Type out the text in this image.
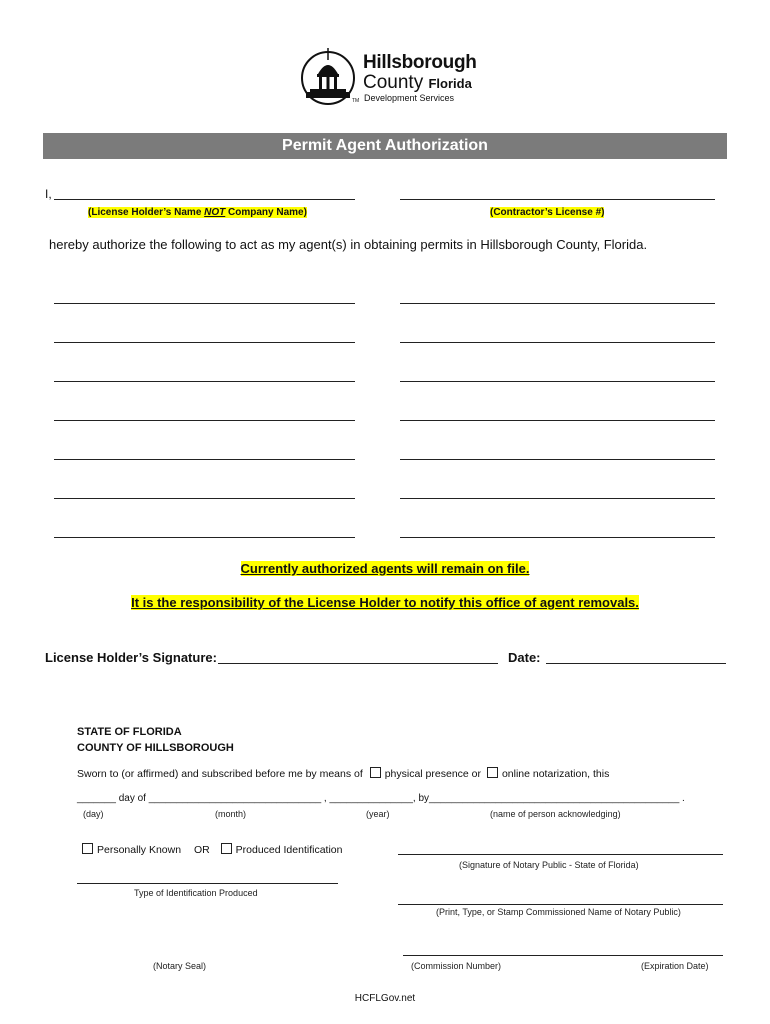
Hillsborough
County Florida
Development Services
TM
Permit Agent Authorization
I,
(License Holder’s Name NOT Company Name)	(Contractor’s License #)
hereby authorize the following to act as my agent(s) in obtaining permits in Hillsborough County, Florida.
Currently authorized agents will remain on file.
It is the responsibility of the License Holder to notify this office of agent removals.
License Holder’s Signature:	Date:
STATE OF FLORIDA
COUNTY OF HILLSBOROUGH
Sworn to (or affirmed) and subscribed before me by means of physical presence or online notarization, this
_______ day of _______________________________ , _______________, by_____________________________________________ .
(day)	(month)	(year)	(name of person acknowledging)
Personally Known OR Produced Identification
(Signature of Notary Public - State of Florida)
Type of Identification Produced
(Print, Type, or Stamp Commissioned Name of Notary Public)
(Notary Seal)	(Commission Number)	(Expiration Date)
HCFLGov.net
